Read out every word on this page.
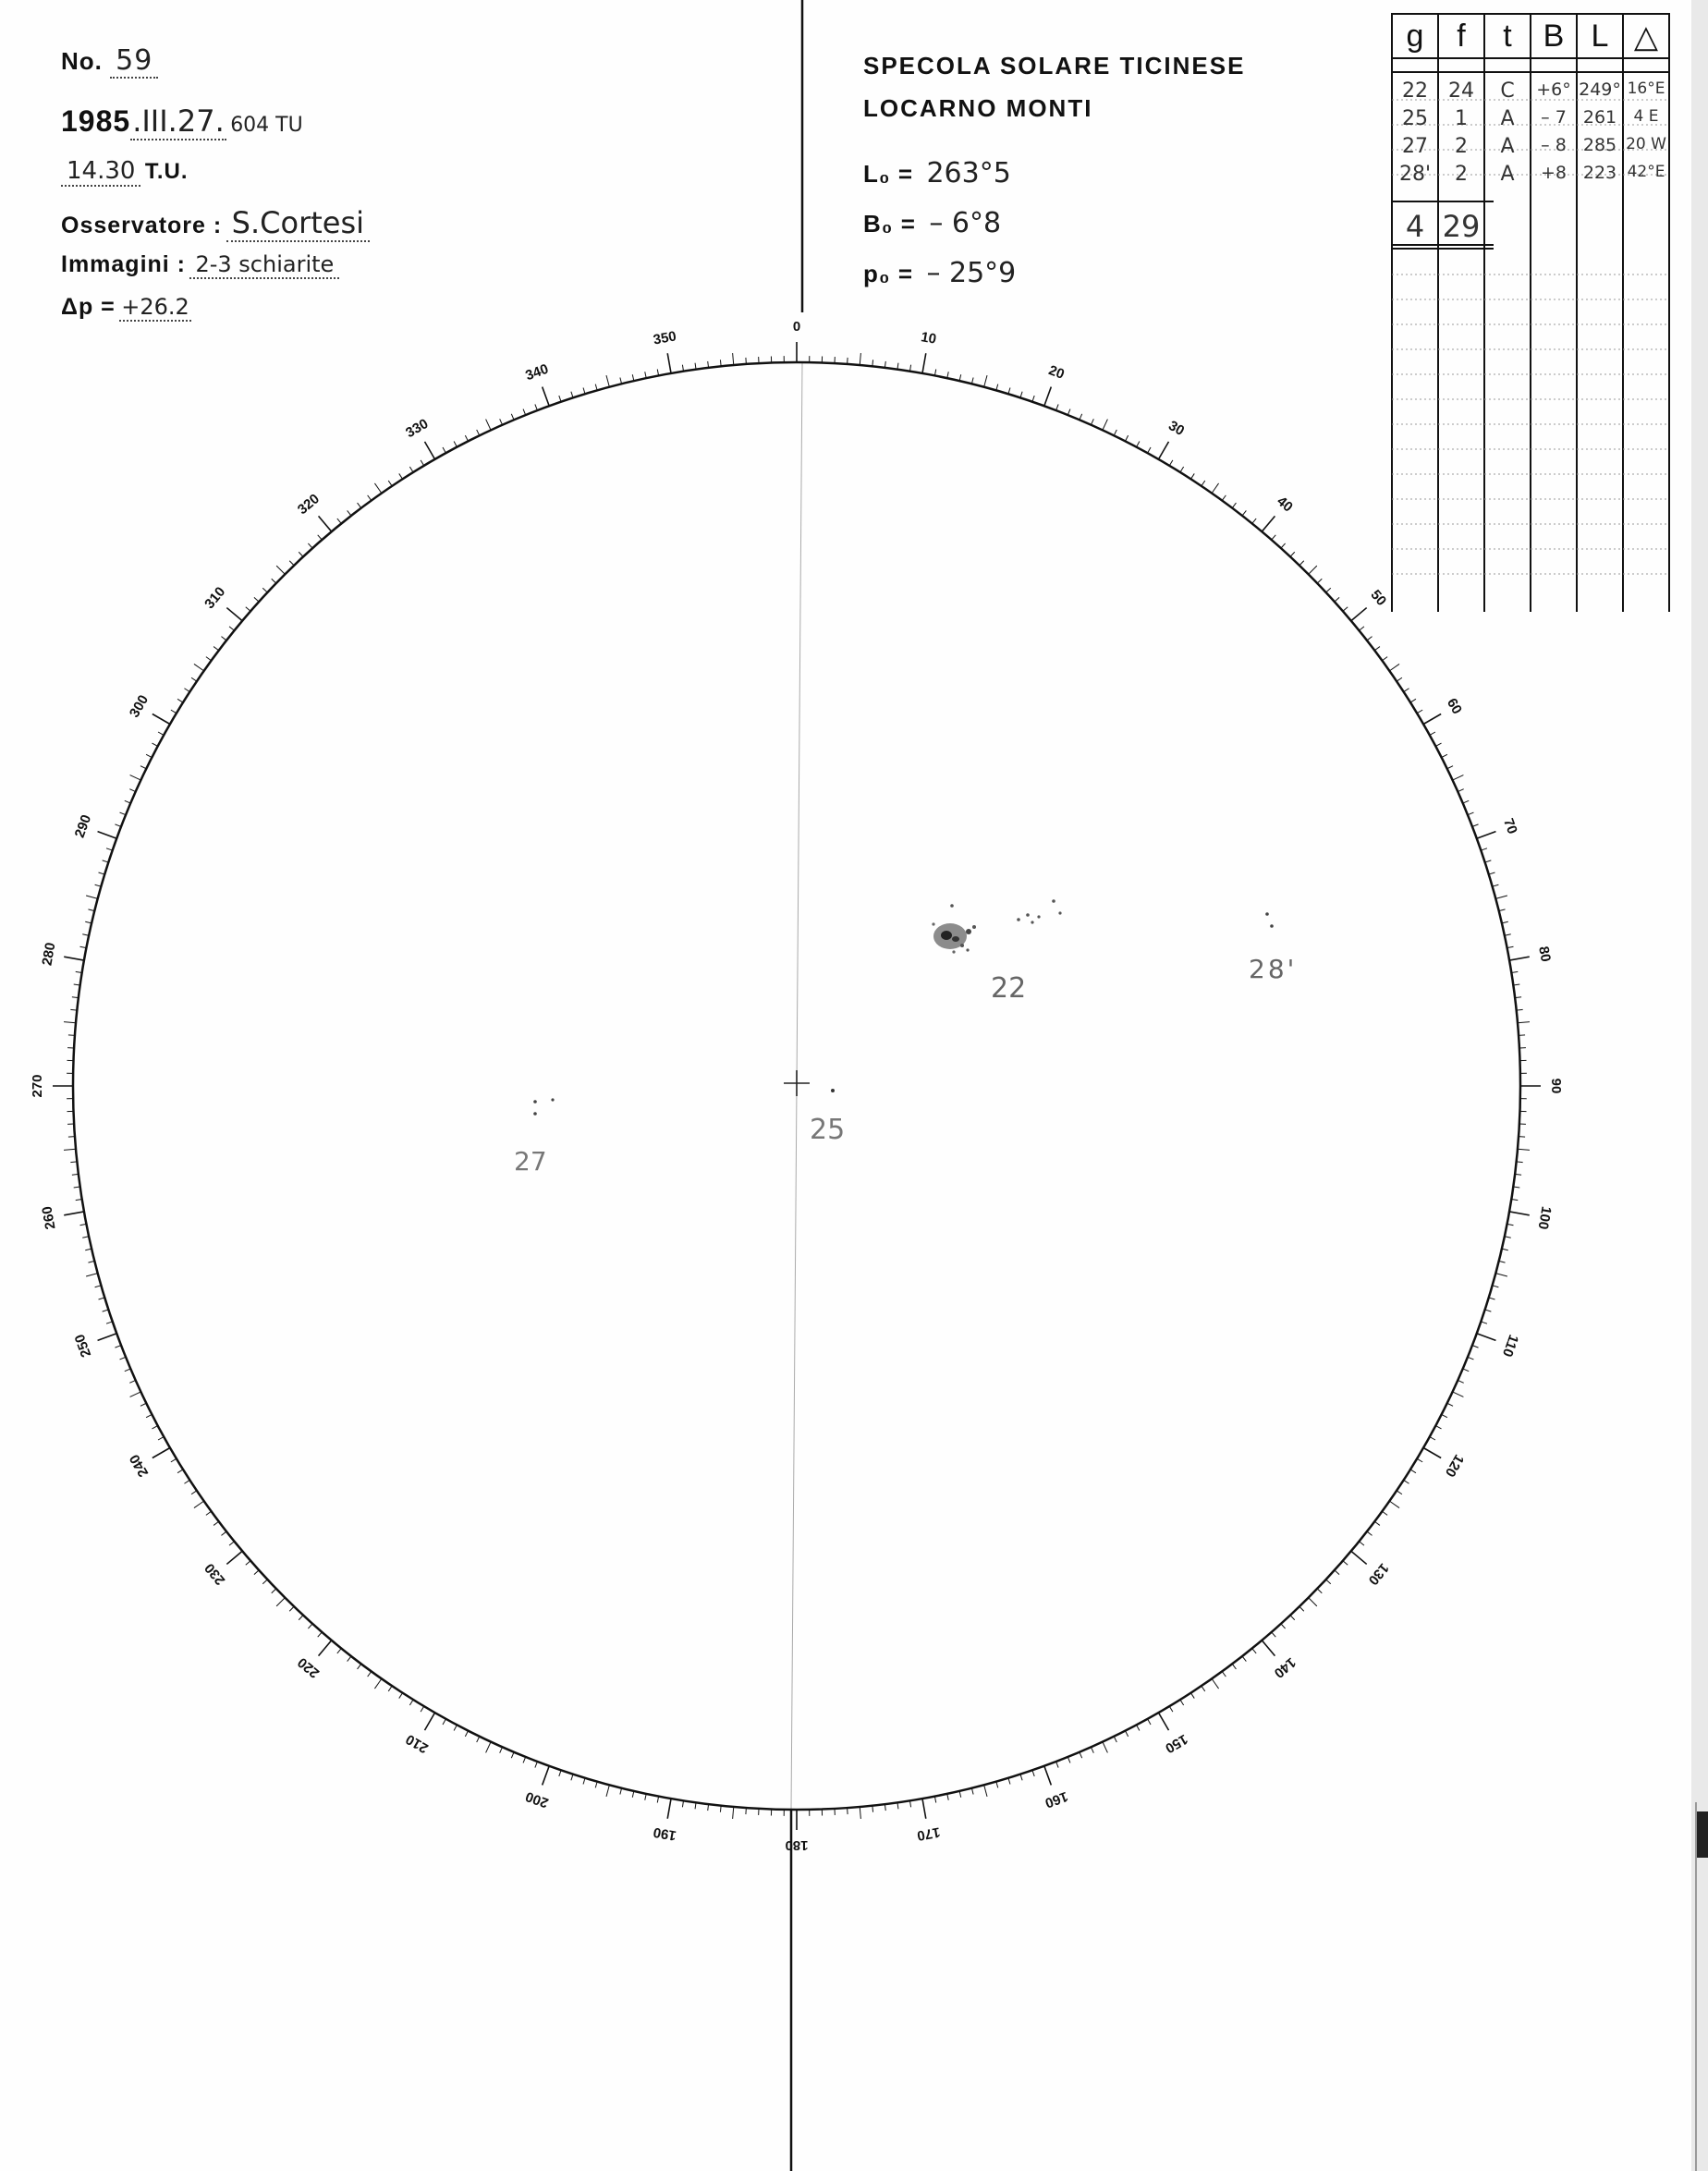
No. 59
1985.III.27. 604 TU
14.30 T.U.
Osservatore : S.Cortesi
Immagini : 2-3 schiarite
Δp = +26.2
SPECOLA SOLARE TICINESE
LOCARNO MONTI
L₀ = 263°5
B₀ = – 6°8
p₀ = – 25°9
0
10
20
30
40
50
60
70
80
90
100
110
120
130
140
150
160
170
180
190
200
210
220
230
240
250
260
270
280
290
300
310
320
330
340
350
g	f	t B L △
22	24	C	+6° 249° 16°E
25	1	A	– 7 261	4 E
27	2	A	– 8 285 20 W
28'	2	A	+8 223 42°E
4 29
22
28'
25
27
